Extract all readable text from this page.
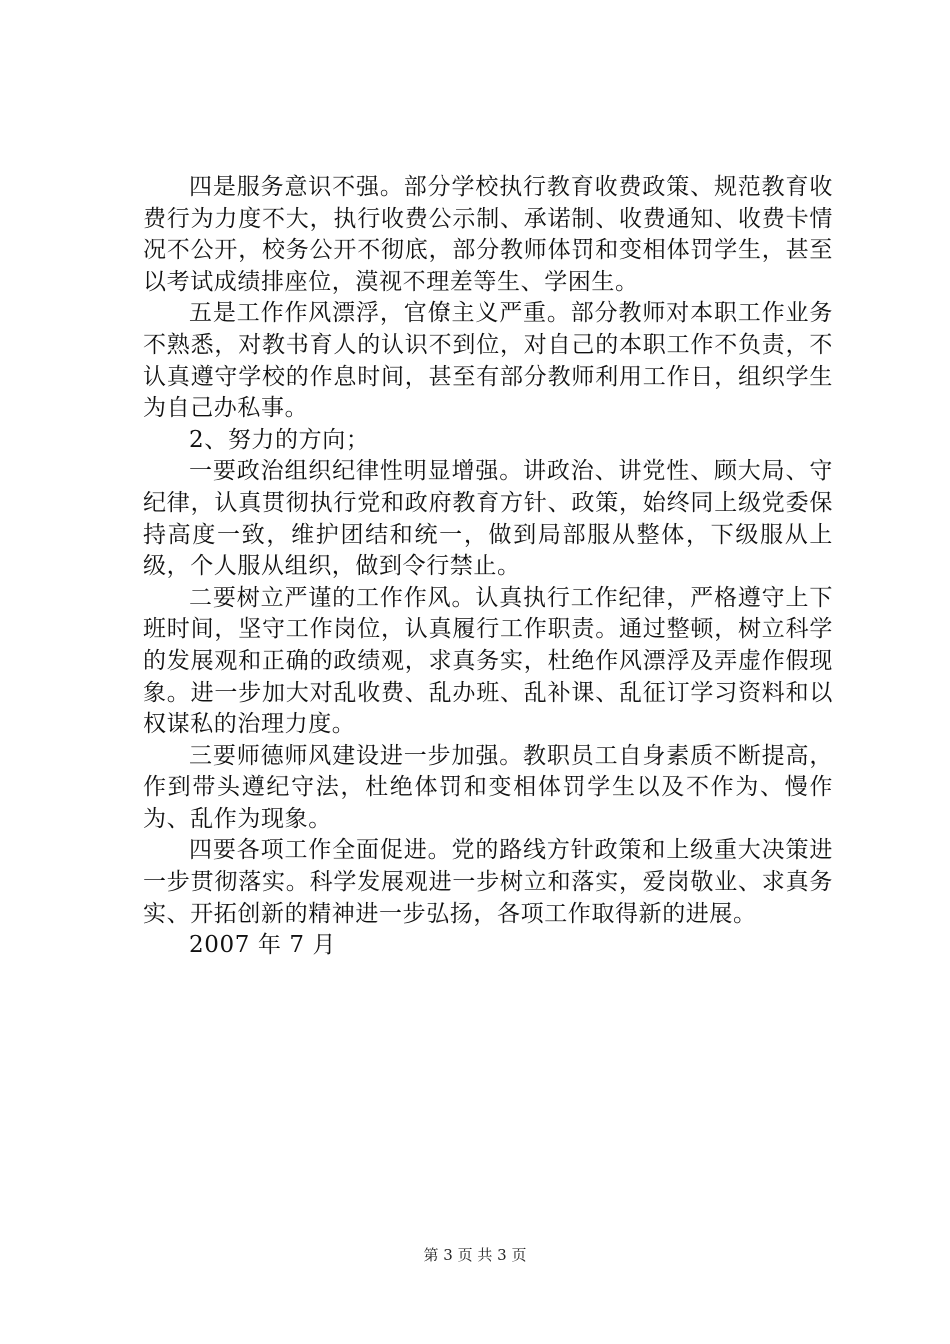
四是服务意识不强。部分学校执行教育收费政策、规范教育收费行为力度不大，执行收费公示制、承诺制、收费通知、收费卡情况不公开，校务公开不彻底，部分教师体罚和变相体罚学生，甚至以考试成绩排座位，漠视不理差等生、学困生。

五是工作作风漂浮，官僚主义严重。部分教师对本职工作业务不熟悉，对教书育人的认识不到位，对自己的本职工作不负责，不认真遵守学校的作息时间，甚至有部分教师利用工作日，组织学生为自己办私事。

2、努力的方向；

一要政治组织纪律性明显增强。讲政治、讲党性、顾大局、守纪律，认真贯彻执行党和政府教育方针、政策，始终同上级党委保持高度一致，维护团结和统一，做到局部服从整体，下级服从上级，个人服从组织，做到令行禁止。

二要树立严谨的工作作风。认真执行工作纪律，严格遵守上下班时间，坚守工作岗位，认真履行工作职责。通过整顿，树立科学的发展观和正确的政绩观，求真务实，杜绝作风漂浮及弄虚作假现象。进一步加大对乱收费、乱办班、乱补课、乱征订学习资料和以权谋私的治理力度。

三要师德师风建设进一步加强。教职员工自身素质不断提高，作到带头遵纪守法，杜绝体罚和变相体罚学生以及不作为、慢作为、乱作为现象。

四要各项工作全面促进。党的路线方针政策和上级重大决策进一步贯彻落实。科学发展观进一步树立和落实，爱岗敬业、求真务实、开拓创新的精神进一步弘扬，各项工作取得新的进展。

2007 年 7 月

第 3 页 共 3 页
